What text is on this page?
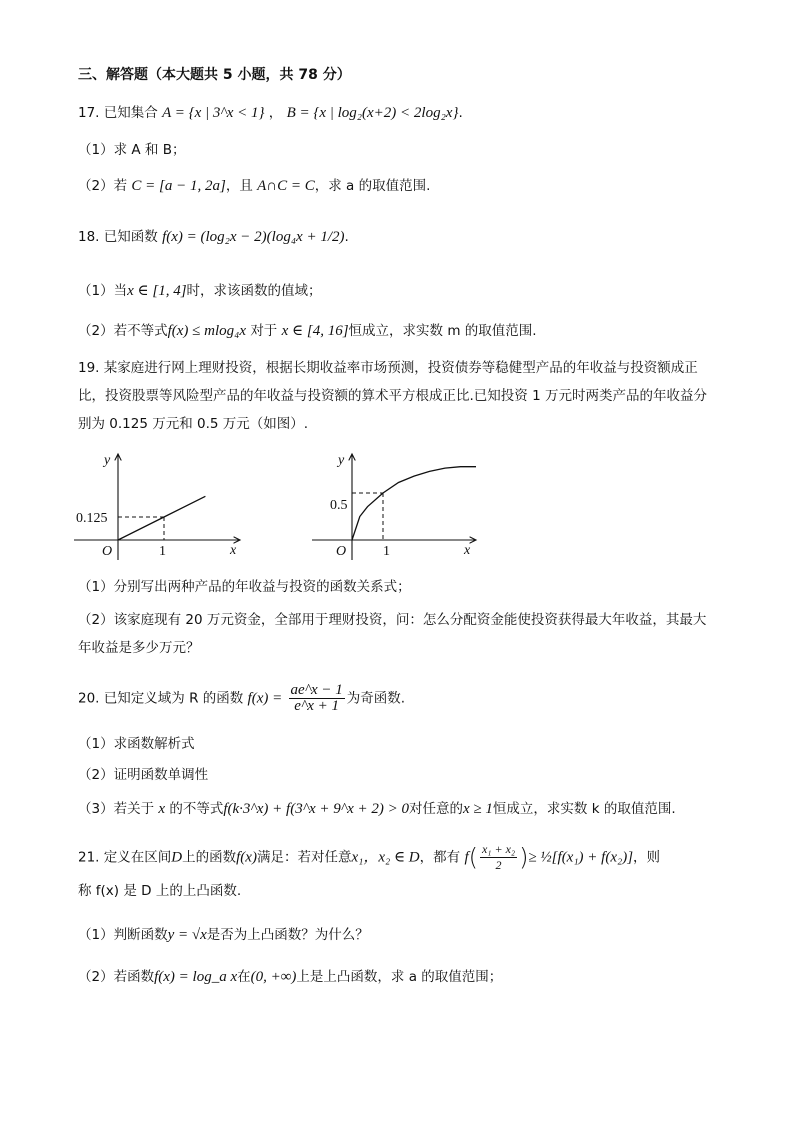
三、解答题（本大题共 5 小题，共 78 分）
17. 已知集合 A = {x | 3^x < 1} ， B = {x | log₂(x+2) < 2log₂x}.
（1）求 A 和 B；
（2）若 C = [a − 1, 2a]，且 A∩C = C，求 a 的取值范围.
18. 已知函数 f(x) = (log₂x − 2)(log₄x + 1/2).
（1）当x ∈ [1, 4]时，求该函数的值域；
（2）若不等式f(x) ≤ mlog₄x 对于 x ∈ [4, 16]恒成立，求实数 m 的取值范围.
19. 某家庭进行网上理财投资，根据长期收益率市场预测，投资债券等稳健型产品的年收益与投资额成正比，投资股票等风险型产品的年收益与投资额的算术平方根成正比.已知投资 1 万元时两类产品的年收益分别为 0.125 万元和 0.5 万元（如图）.
y
x
O	1
0.125
y
x
O	1
0.5
（1）分别写出两种产品的年收益与投资的函数关系式；
（2）该家庭现有 20 万元资金，全部用于理财投资，问：怎么分配资金能使投资获得最大年收益，其最大年收益是多少万元？
20. 已知定义域为 R 的函数 $f(x) = \frac{ae\^{}x - 1}{e\^{}x + 1}$ 为奇函数.
（1）求函数解析式
（2）证明函数单调性
（3）若关于 x 的不等式f(k·3^x) + f(3^x + 9^x + 2) > 0对任意的x ≥ 1恒成立，求实数 k 的取值范围.
21. 定义在区间D上的函数f(x)满足：若对任意x₁，x₂ ∈ D，都有 $f( \frac{\text{x₁ + x₂}}{2}$ )≥ ½[f(x₁) + f(x₂)]，则
称 f(x) 是 D 上的上凸函数.
（1）判断函数y = √x是否为上凸函数？为什么？
（2）若函数f(x) = log_a x在(0, +∞)上是上凸函数，求 a 的取值范围；
